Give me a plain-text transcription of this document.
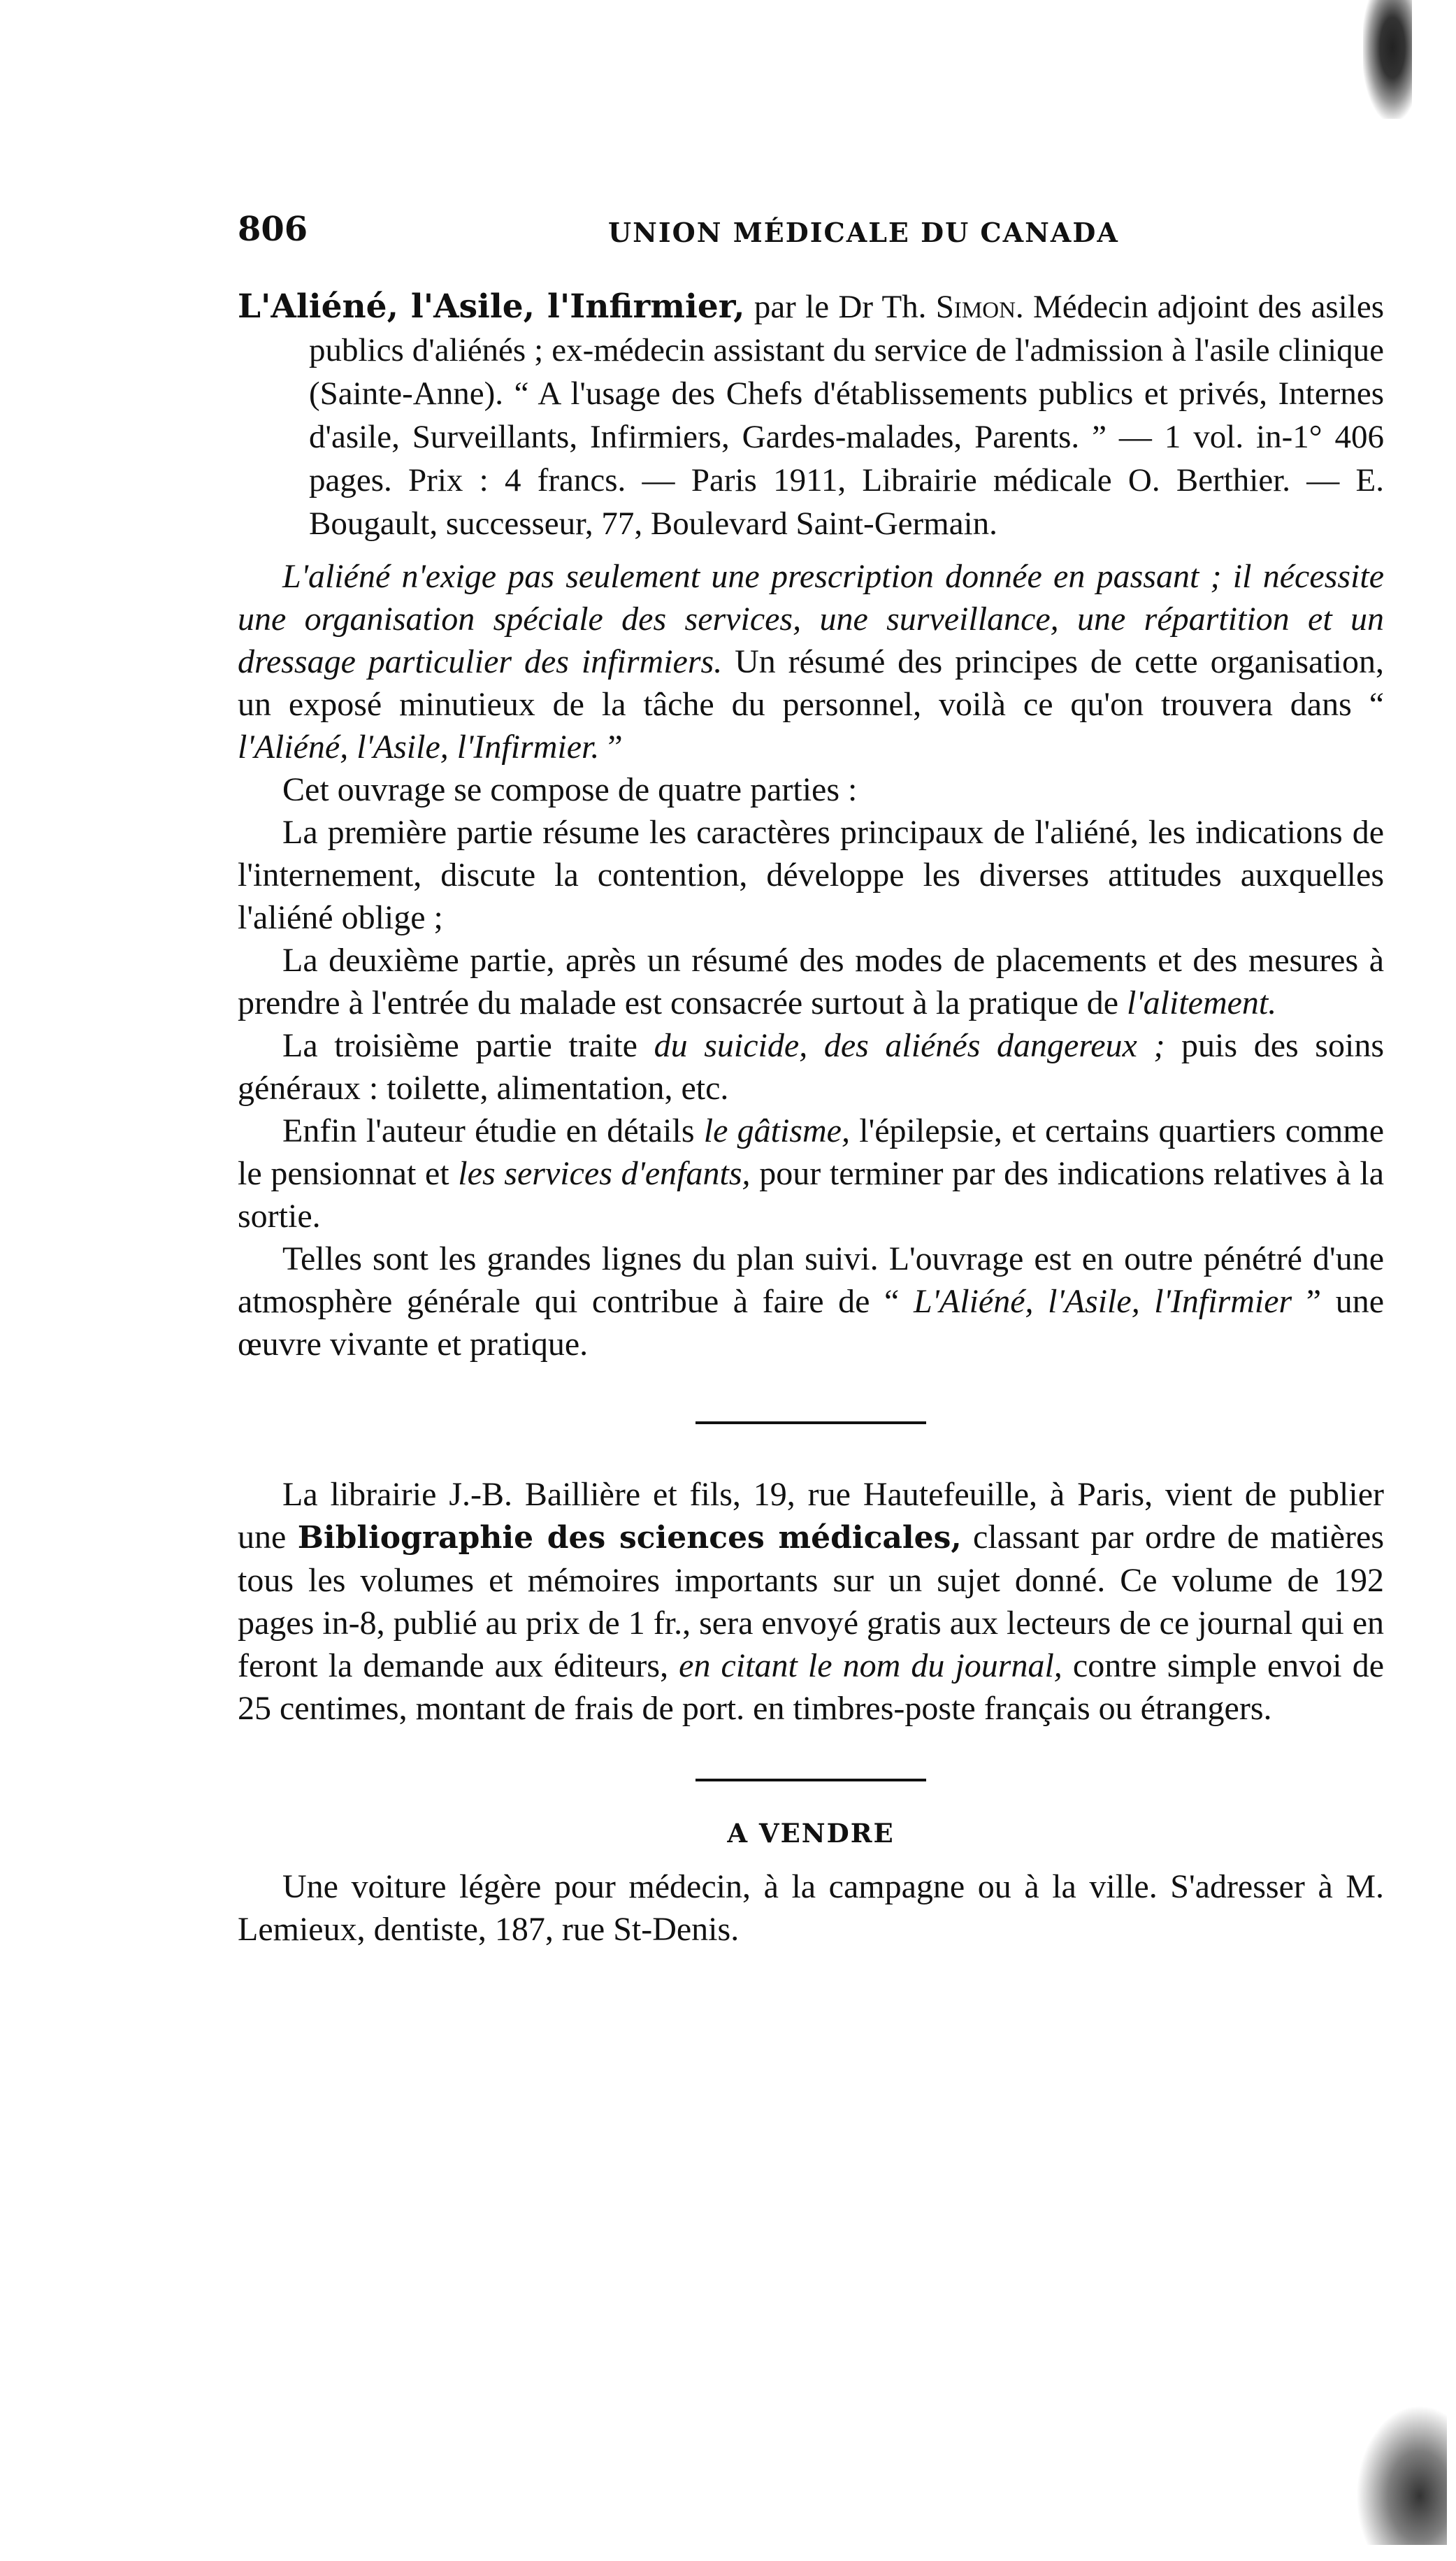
806	UNION MÉDICALE DU CANADA
L'Aliéné, l'Asile, l'Infirmier, par le Dr Th. Simon. Médecin adjoint des asiles publics d'aliénés ; ex-médecin assistant du service de l'admission à l'asile clinique (Sainte-Anne). “ A l'usage des Chefs d'établissements publics et privés, Internes d'asile, Surveillants, Infirmiers, Gardes-malades, Parents. ” — 1 vol. in-1° 406 pages. Prix : 4 francs. — Paris 1911, Librairie médicale O. Berthier. — E. Bougault, successeur, 77, Boulevard Saint-Germain.

L'aliéné n'exige pas seulement une prescription donnée en passant ; il nécessite une organisation spéciale des services, une surveillance, une répartition et un dressage particulier des infirmiers. Un résumé des principes de cette organisation, un exposé minutieux de la tâche du personnel, voilà ce qu'on trouvera dans “ l'Aliéné, l'Asile, l'Infirmier. ”

Cet ouvrage se compose de quatre parties :

La première partie résume les caractères principaux de l'aliéné, les indications de l'internement, discute la contention, développe les diverses attitudes auxquelles l'aliéné oblige ;

La deuxième partie, après un résumé des modes de placements et des mesures à prendre à l'entrée du malade est consacrée surtout à la pratique de l'alitement.

La troisième partie traite du suicide, des aliénés dangereux ; puis des soins généraux : toilette, alimentation, etc.

Enfin l'auteur étudie en détails le gâtisme, l'épilepsie, et certains quartiers comme le pensionnat et les services d'enfants, pour terminer par des indications relatives à la sortie.

Telles sont les grandes lignes du plan suivi. L'ouvrage est en outre pénétré d'une atmosphère générale qui contribue à faire de “ L'Aliéné, l'Asile, l'Infirmier ” une œuvre vivante et pratique.

La librairie J.-B. Baillière et fils, 19, rue Hautefeuille, à Paris, vient de publier une Bibliographie des sciences médicales, classant par ordre de matières tous les volumes et mémoires importants sur un sujet donné. Ce volume de 192 pages in-8, publié au prix de 1 fr., sera envoyé gratis aux lecteurs de ce journal qui en feront la demande aux éditeurs, en citant le nom du journal, contre simple envoi de 25 centimes, montant de frais de port. en timbres-poste français ou étrangers.

A VENDRE

Une voiture légère pour médecin, à la campagne ou à la ville. S'adresser à M. Lemieux, dentiste, 187, rue St-Denis.
